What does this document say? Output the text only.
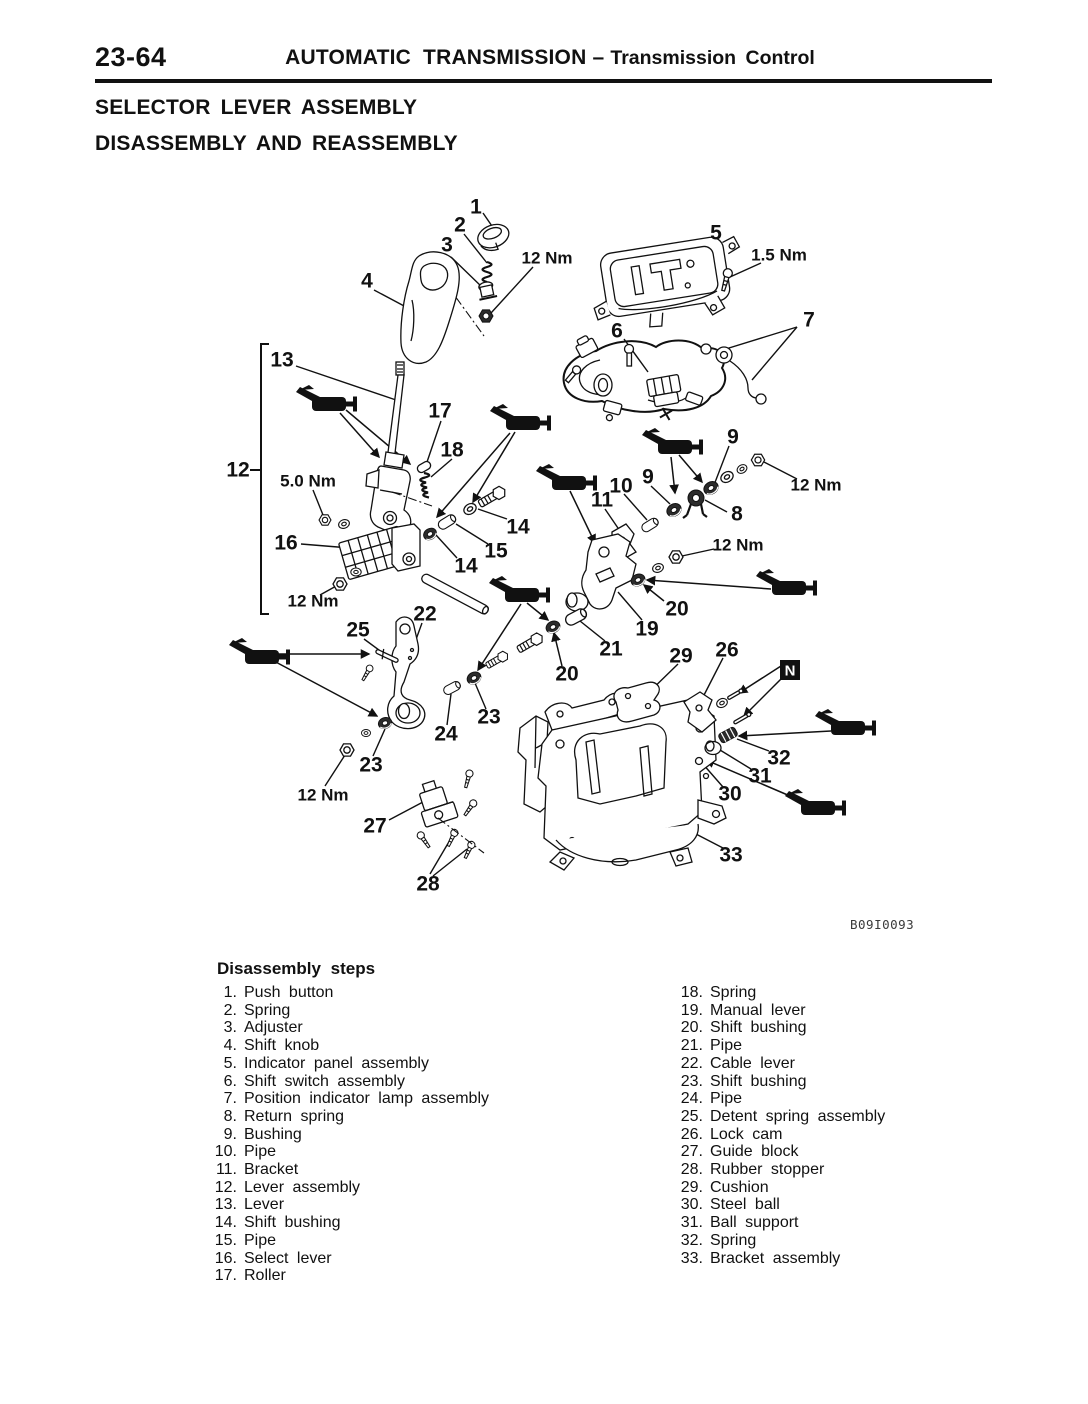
23-64	AUTOMATIC TRANSMISSION – Transmission Control
SELECTOR LEVER ASSEMBLY
DISASSEMBLY AND REASSEMBLY
N
1
2
3
4
5
6	7
13
17
18
12
9
9
10
11
8
14
15
14
16
20
22
19
25
21
20
29 26
23
24
32
23	31
30
27
33
28
12 Nm	1.5 Nm
5.0 Nm	12 Nm
12 Nm
12 Nm
12 Nm
B09I0093
Disassembly steps
1. Push button
2. Spring
3. Adjuster
4. Shift knob
5. Indicator panel assembly
6. Shift switch assembly
7. Position indicator lamp assembly
8. Return spring
9. Bushing
10. Pipe
11. Bracket
12. Lever assembly
13. Lever
14. Shift bushing
15. Pipe
16. Select lever
17. Roller
18. Spring
19. Manual lever
20. Shift bushing
21. Pipe
22. Cable lever
23. Shift bushing
24. Pipe
25. Detent spring assembly
26. Lock cam
27. Guide block
28. Rubber stopper
29. Cushion
30. Steel ball
31. Ball support
32. Spring
33. Bracket assembly
